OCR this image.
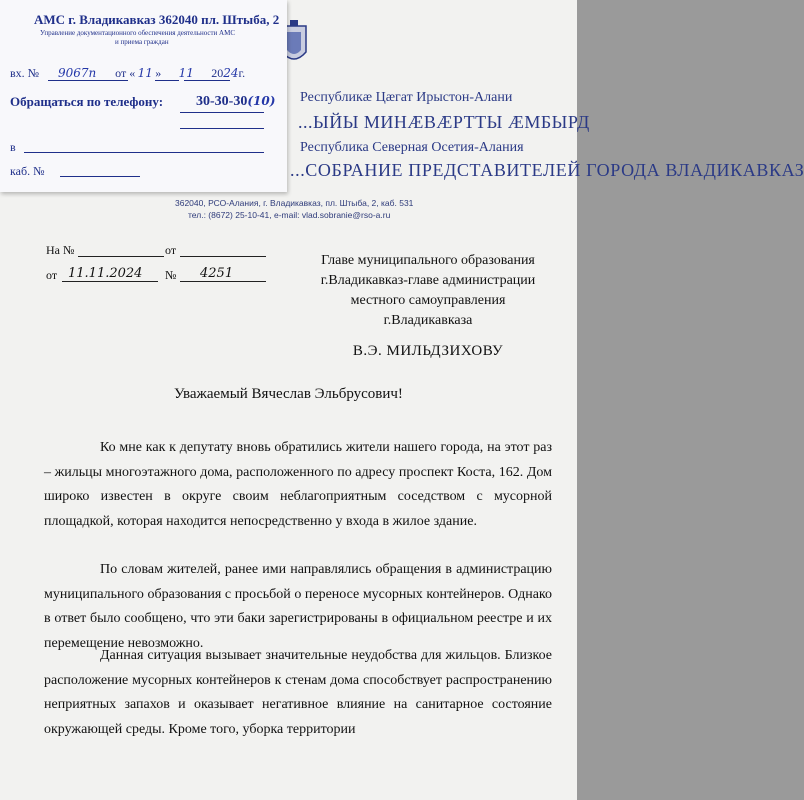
Республикæ Цæгат Ирыстон-Алани
...ЫЙЫ МИНÆВÆРТТЫ ÆМБЫРД
Республика Северная Осетия-Алания
...СОБРАНИЕ ПРЕДСТАВИТЕЛЕЙ ГОРОДА ВЛАДИКАВКАЗ
362040, РСО-Алания, г. Владикавказ, пл. Штыба, 2, каб. 531
тел.: (8672) 25-10-41, e-mail: vlad.sobranie@rso-a.ru
АМС г. Владикавказ 362040 пл. Штыба, 2
Управление документационного обеспечения деятельности АМС
и приема граждан
вх. № 9067п от « 11 » 11 2024г.
Обращаться по телефону: 30-30-30(10)
в
каб. №
На №	от
от 11.11.2024 № 4251
Главе муниципального образования
г.Владикавказ-главе администрации
местного самоуправления
г.Владикавказа
В.Э. МИЛЬДЗИХОВУ
Уважаемый Вячеслав Эльбрусович!
Ко мне как к депутату вновь обратились жители нашего города, на этот раз – жильцы многоэтажного дома, расположенного по адресу проспект Коста, 162. Дом широко известен в округе своим неблагоприятным соседством с мусорной площадкой, которая находится непосредственно у входа в жилое здание.
По словам жителей, ранее ими направлялись обращения в администрацию муниципального образования с просьбой о переносе мусорных контейнеров. Однако в ответ было сообщено, что эти баки зарегистрированы в официальном реестре и их перемещение невозможно.
Данная ситуация вызывает значительные неудобства для жильцов. Близкое расположение мусорных контейнеров к стенам дома способствует распространению неприятных запахов и оказывает негативное влияние на санитарное состояние окружающей среды. Кроме того, уборка территории
